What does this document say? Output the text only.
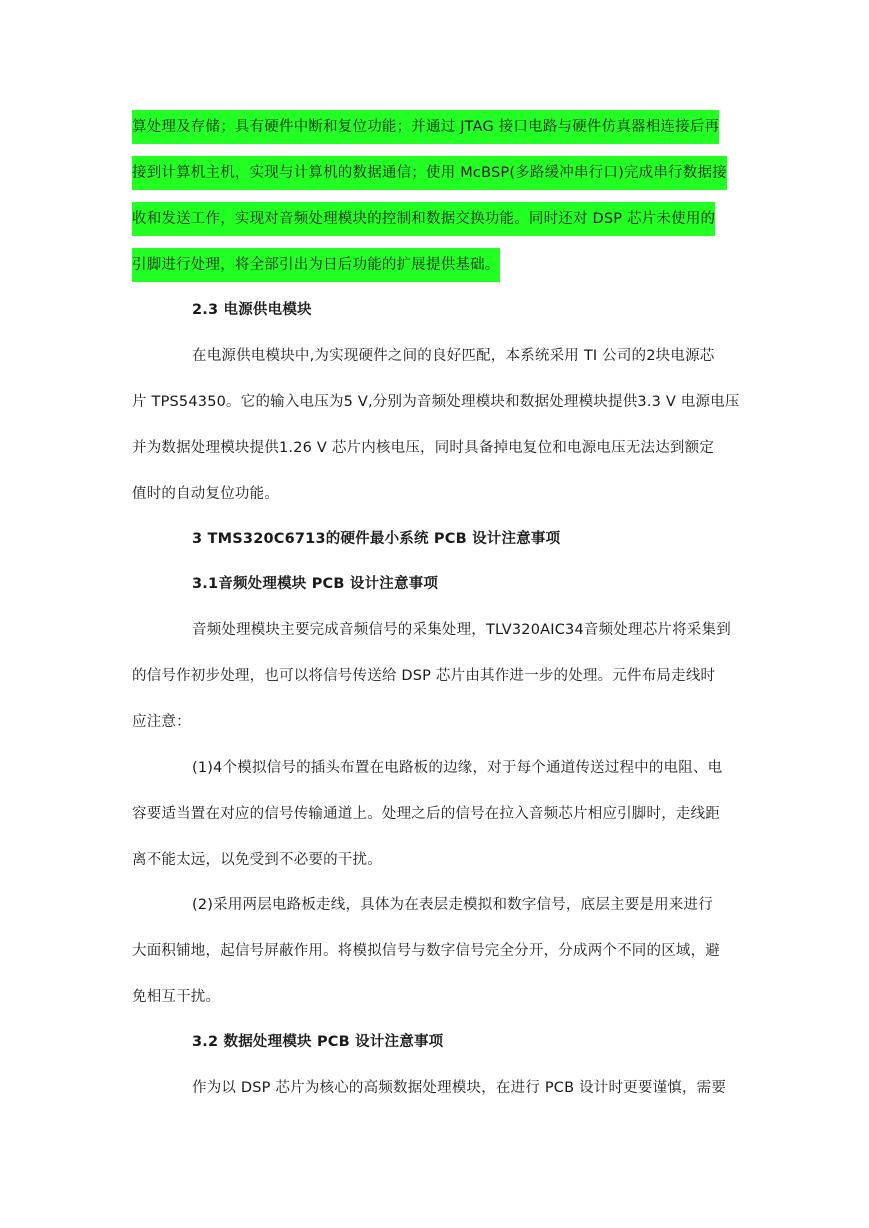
算处理及存储；具有硬件中断和复位功能；并通过 JTAG 接口电路与硬件仿真器相连接后再
接到计算机主机，实现与计算机的数据通信；使用 McBSP(多路缓冲串行口)完成串行数据接
收和发送工作，实现对音频处理模块的控制和数据交换功能。同时还对 DSP 芯片未使用的
引脚进行处理，将全部引出为日后功能的扩展提供基础。
2.3 电源供电模块
在电源供电模块中,为实现硬件之间的良好匹配，本系统采用 TI 公司的2块电源芯
片 TPS54350。它的输入电压为5 V,分别为音频处理模块和数据处理模块提供3.3 V 电源电压
并为数据处理模块提供1.26 V 芯片内核电压，同时具备掉电复位和电源电压无法达到额定
值时的自动复位功能。
3 TMS320C6713的硬件最小系统 PCB 设计注意事项
3.1音频处理模块 PCB 设计注意事项
音频处理模块主要完成音频信号的采集处理，TLV320AIC34音频处理芯片将采集到
的信号作初步处理，也可以将信号传送给 DSP 芯片由其作进一步的处理。元件布局走线时
应注意：
(1)4个模拟信号的插头布置在电路板的边缘，对于每个通道传送过程中的电阻、电
容要适当置在对应的信号传输通道上。处理之后的信号在拉入音频芯片相应引脚时，走线距
离不能太远，以免受到不必要的干扰。
(2)采用两层电路板走线，具体为在表层走模拟和数字信号，底层主要是用来进行
大面积铺地，起信号屏蔽作用。将模拟信号与数字信号完全分开，分成两个不同的区域，避
免相互干扰。
3.2 数据处理模块 PCB 设计注意事项
作为以 DSP 芯片为核心的高频数据处理模块，在进行 PCB 设计时更要谨慎，需要
